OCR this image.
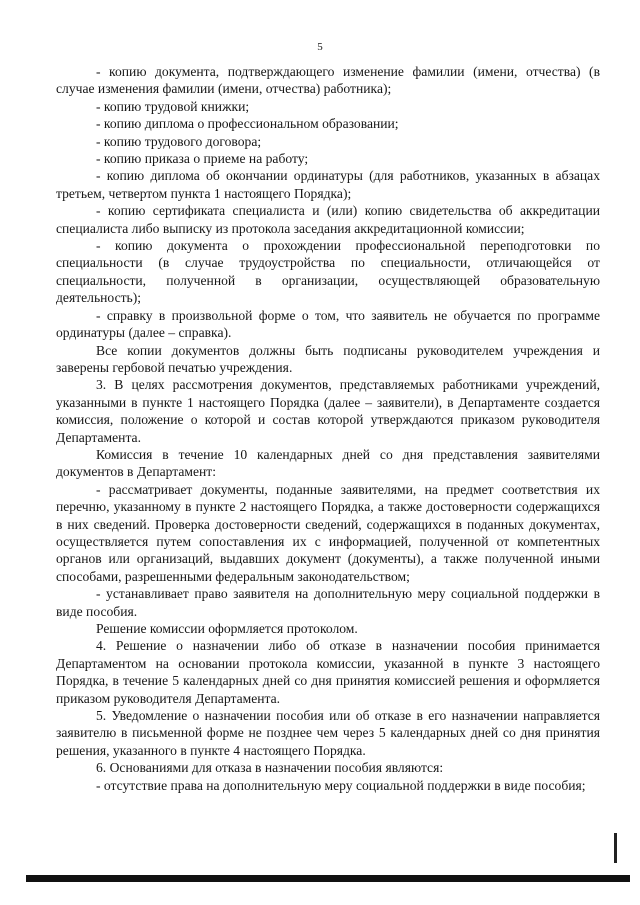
5

- копию документа, подтверждающего изменение фамилии (имени, отчества) (в случае изменения фамилии (имени, отчества) работника);

- копию трудовой книжки;

- копию диплома о профессиональном образовании;

- копию трудового договора;

- копию приказа о приеме на работу;

- копию диплома об окончании ординатуры (для работников, указанных в абзацах третьем, четвертом пункта 1 настоящего Порядка);

- копию сертификата специалиста и (или) копию свидетельства об аккредитации специалиста либо выписку из протокола заседания аккредитационной комиссии;

- копию документа о прохождении профессиональной переподготовки по специальности (в случае трудоустройства по специальности, отличающейся от специальности, полученной в организации, осуществляющей образовательную деятельность);

- справку в произвольной форме о том, что заявитель не обучается по программе ординатуры (далее – справка).

Все копии документов должны быть подписаны руководителем учреждения и заверены гербовой печатью учреждения.

3. В целях рассмотрения документов, представляемых работниками учреждений, указанными в пункте 1 настоящего Порядка (далее – заявители), в Департаменте создается комиссия, положение о которой и состав которой утверждаются приказом руководителя Департамента.

Комиссия в течение 10 календарных дней со дня представления заявителями документов в Департамент:

- рассматривает документы, поданные заявителями, на предмет соответствия их перечню, указанному в пункте 2 настоящего Порядка, а также достоверности содержащихся в них сведений. Проверка достоверности сведений, содержащихся в поданных документах, осуществляется путем сопоставления их с информацией, полученной от компетентных органов или организаций, выдавших документ (документы), а также полученной иными способами, разрешенными федеральным законодательством;

- устанавливает право заявителя на дополнительную меру социальной поддержки в виде пособия.

Решение комиссии оформляется протоколом.

4. Решение о назначении либо об отказе в назначении пособия принимается Департаментом на основании протокола комиссии, указанной в пункте 3 настоящего Порядка, в течение 5 календарных дней со дня принятия комиссией решения и оформляется приказом руководителя Департамента.

5. Уведомление о назначении пособия или об отказе в его назначении направляется заявителю в письменной форме не позднее чем через 5 календарных дней со дня принятия решения, указанного в пункте 4 настоящего Порядка.

6. Основаниями для отказа в назначении пособия являются:

- отсутствие права на дополнительную меру социальной поддержки в виде пособия;
